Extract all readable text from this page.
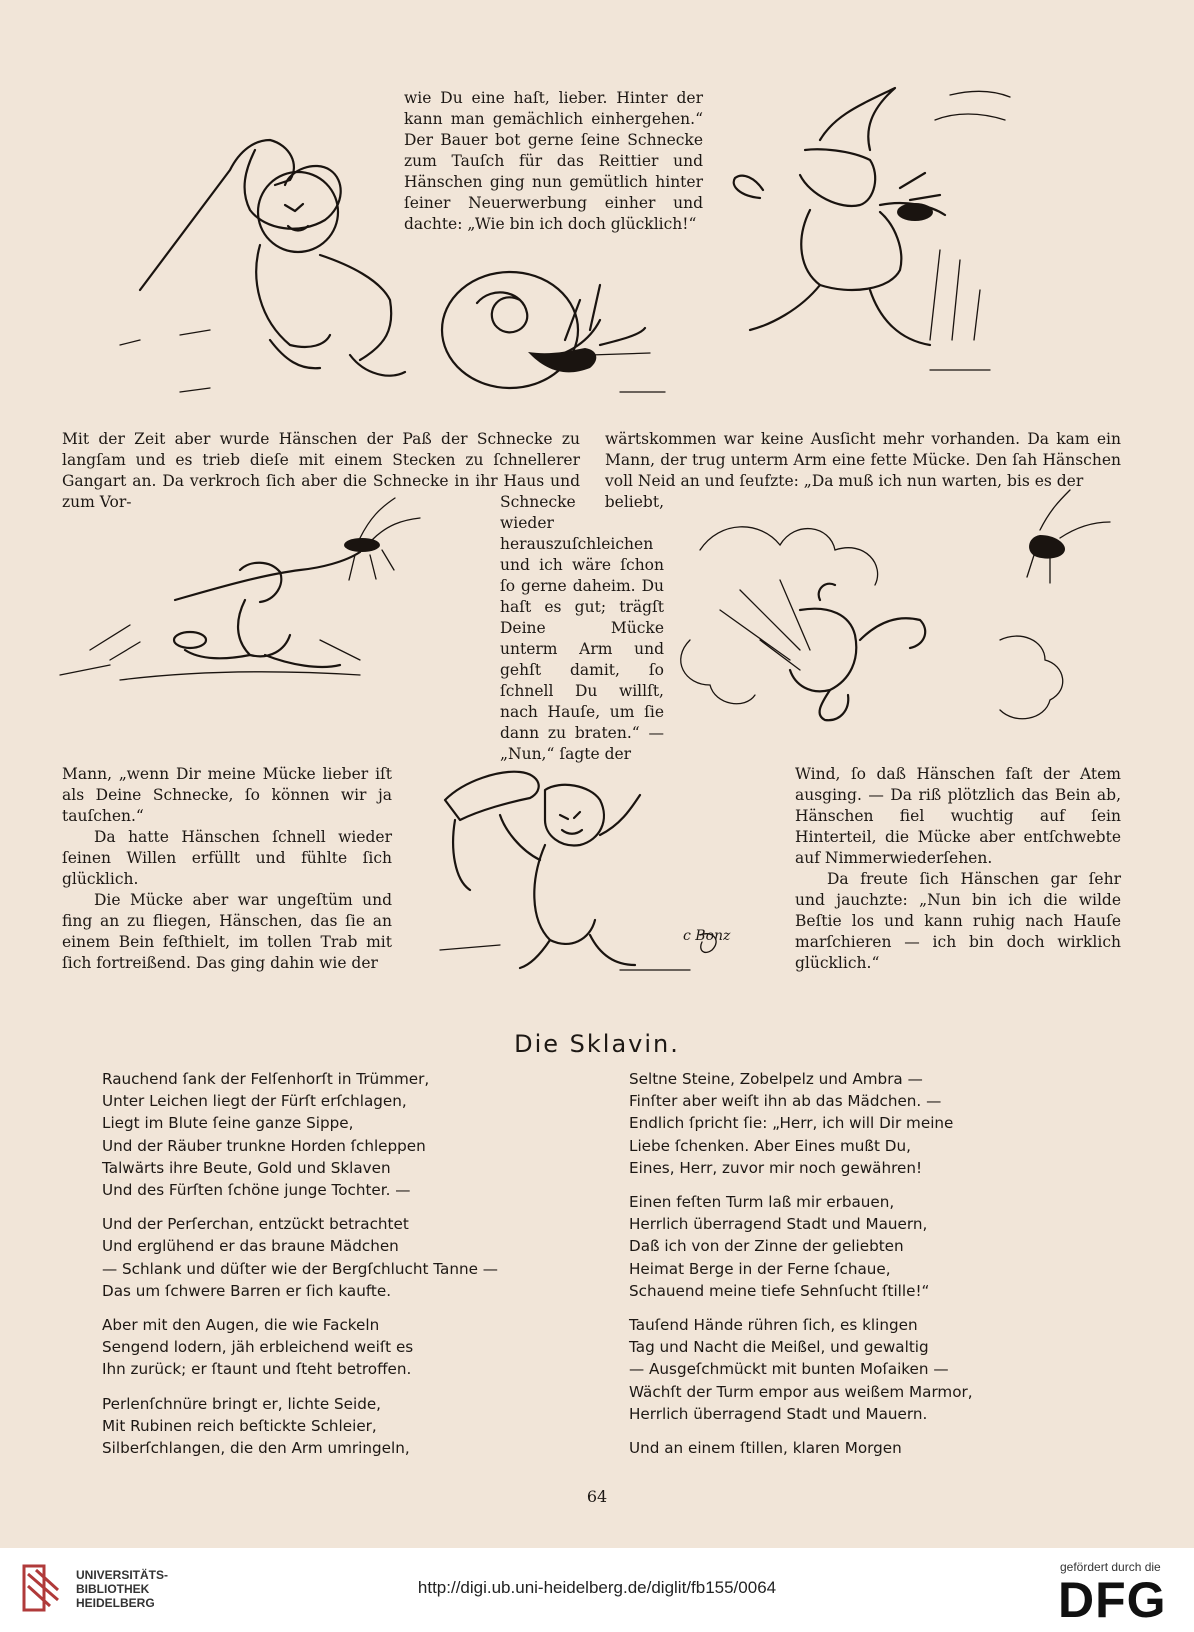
wie Du eine haſt, lieber. Hinter der kann man gemächlich einhergehen.“ Der Bauer bot gerne ſeine Schnecke zum Tauſch für das Reittier und Hänschen ging nun gemütlich hinter ſeiner Neuerwerbung einher und dachte: „Wie bin ich doch glücklich!“
Mit der Zeit aber wurde Hänschen der Paß der Schnecke zu langſam und es trieb dieſe mit einem Stecken zu ſchnellerer Gangart an. Da verkroch ſich aber die Schnecke in ihr Haus und zum Vor-
wärtskommen war keine Ausſicht mehr vorhanden. Da kam ein Mann, der trug unterm Arm eine fette Mücke. Den ſah Hänschen voll Neid an und ſeufzte: „Da muß ich nun warten, bis es der
Schnecke beliebt, wieder herauszuſchleichen und ich wäre ſchon ſo gerne daheim. Du haſt es gut; trägſt Deine Mücke unterm Arm und gehſt damit, ſo ſchnell Du willſt, nach Hauſe, um ſie dann zu braten.“ — „Nun,“ ſagte der

Mann, „wenn Dir meine Mücke lieber iſt als Deine Schnecke, ſo können wir ja tauſchen.“

Da hatte Hänschen ſchnell wieder ſeinen Willen erfüllt und fühlte ſich glücklich.

Die Mücke aber war ungeſtüm und fing an zu fliegen, Hänschen, das ſie an einem Bein feſthielt, im tollen Trab mit ſich fortreißend. Das ging dahin wie der

c Bonz

Wind, ſo daß Hänschen faſt der Atem ausging. — Da riß plötzlich das Bein ab, Hänschen fiel wuchtig auf ſein Hinterteil, die Mücke aber entſchwebte auf Nimmerwiederſehen.

Da freute ſich Hänschen gar ſehr und jauchzte: „Nun bin ich die wilde Beſtie los und kann ruhig nach Hauſe marſchieren — ich bin doch wirklich glücklich.“

Die Sklavin.
Rauchend ſank der Felſenhorſt in Trümmer,
Unter Leichen liegt der Fürſt erſchlagen,
Liegt im Blute ſeine ganze Sippe,
Und der Räuber trunkne Horden ſchleppen
Talwärts ihre Beute, Gold und Sklaven
Und des Fürſten ſchöne junge Tochter. —
Und der Perſerchan, entzückt betrachtet
Und erglühend er das braune Mädchen
— Schlank und düſter wie der Bergſchlucht Tanne —
Das um ſchwere Barren er ſich kaufte.
Aber mit den Augen, die wie Fackeln
Sengend lodern, jäh erbleichend weiſt es
Ihn zurück; er ſtaunt und ſteht betroffen.
Perlenſchnüre bringt er, lichte Seide,
Mit Rubinen reich beſtickte Schleier,
Silberſchlangen, die den Arm umringeln,
Seltne Steine, Zobelpelz und Ambra —
Finſter aber weiſt ihn ab das Mädchen. —
Endlich ſpricht ſie: „Herr, ich will Dir meine
Liebe ſchenken. Aber Eines mußt Du,
Eines, Herr, zuvor mir noch gewähren!
Einen feſten Turm laß mir erbauen,
Herrlich überragend Stadt und Mauern,
Daß ich von der Zinne der geliebten
Heimat Berge in der Ferne ſchaue,
Schauend meine tiefe Sehnſucht ſtille!“
Tauſend Hände rühren ſich, es klingen
Tag und Nacht die Meißel, und gewaltig
— Ausgeſchmückt mit bunten Moſaiken —
Wächſt der Turm empor aus weißem Marmor,
Herrlich überragend Stadt und Mauern.
Und an einem ſtillen, klaren Morgen
64
UNIVERSITÄTS-
BIBLIOTHEK
HEIDELBERG
http://digi.ub.uni-heidelberg.de/diglit/fb155/0064
gefördert durch die
DFG
